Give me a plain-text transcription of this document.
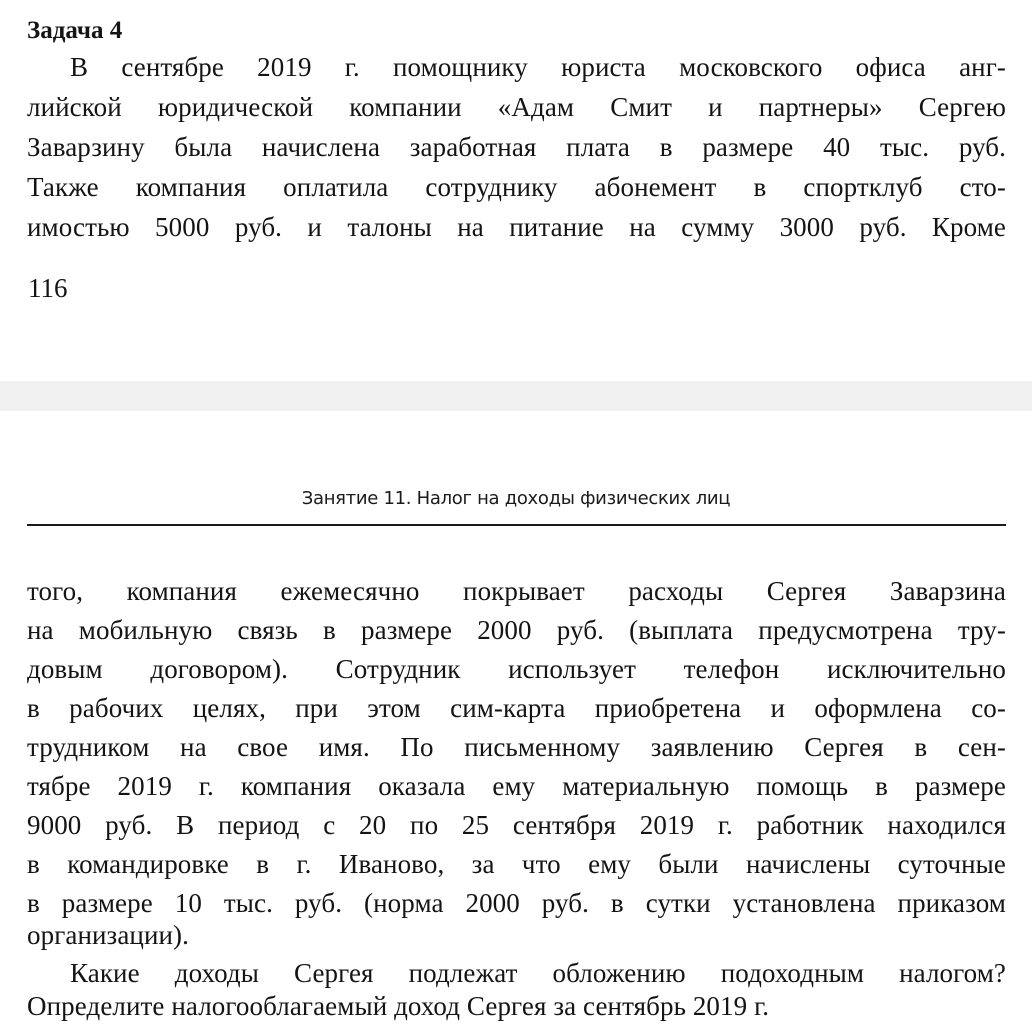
Задача 4
В сентябре 2019 г. помощнику юриста московского офиса анг-
лийской юридической компании «Адам Смит и партнеры» Сергею
Заварзину была начислена заработная плата в размере 40 тыс. руб.
Также компания оплатила сотруднику абонемент в спортклуб сто-
имостью 5000 руб. и талоны на питание на сумму 3000 руб. Кроме
116
Занятие 11. Налог на доходы физических лиц
того, компания ежемесячно покрывает расходы Сергея Заварзина
на мобильную связь в размере 2000 руб. (выплата предусмотрена тру-
довым договором). Сотрудник использует телефон исключительно
в рабочих целях, при этом сим-карта приобретена и оформлена со-
трудником на свое имя. По письменному заявлению Сергея в сен-
тябре 2019 г. компания оказала ему материальную помощь в размере
9000 руб. В период с 20 по 25 сентября 2019 г. работник находился
в командировке в г. Иваново, за что ему были начислены суточные
в размере 10 тыс. руб. (норма 2000 руб. в сутки установлена приказом
организации).
Какие доходы Сергея подлежат обложению подоходным налогом?
Определите налогооблагаемый доход Сергея за сентябрь 2019 г.
